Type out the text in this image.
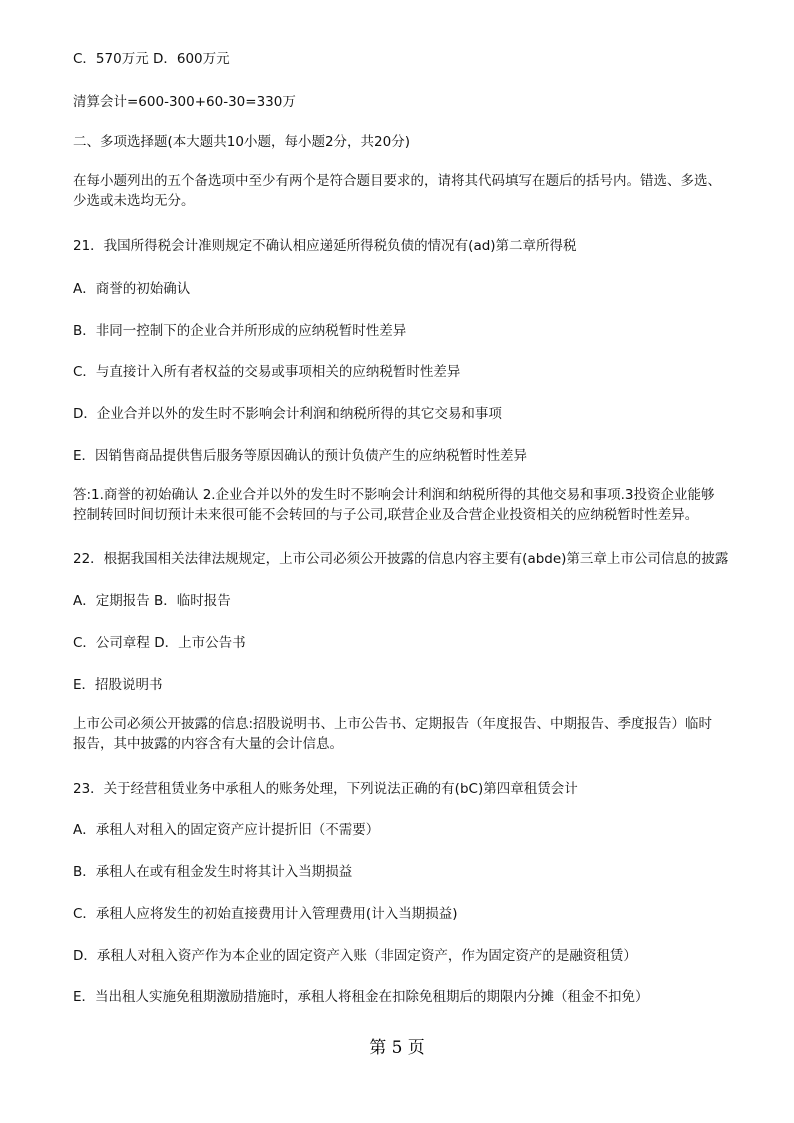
C．570万元 D．600万元
清算会计=600-300+60-30=330万
二、多项选择题(本大题共10小题，每小题2分，共20分)
在每小题列出的五个备选项中至少有两个是符合题目要求的，请将其代码填写在题后的括号内。错选、多选、少选或未选均无分。
21．我国所得税会计准则规定不确认相应递延所得税负债的情况有(ad)第二章所得税
A．商誉的初始确认
B．非同一控制下的企业合并所形成的应纳税暂时性差异
C．与直接计入所有者权益的交易或事项相关的应纳税暂时性差异
D．企业合并以外的发生时不影响会计利润和纳税所得的其它交易和事项
E．因销售商品提供售后服务等原因确认的预计负债产生的应纳税暂时性差异
答:1.商誉的初始确认 2.企业合并以外的发生时不影响会计利润和纳税所得的其他交易和事项.3投资企业能够控制转回时间切预计未来很可能不会转回的与子公司,联营企业及合营企业投资相关的应纳税暂时性差异。
22．根据我国相关法律法规规定，上市公司必须公开披露的信息内容主要有(abde)第三章上市公司信息的披露
A．定期报告 B．临时报告
C．公司章程 D．上市公告书
E．招股说明书
上市公司必须公开披露的信息:招股说明书、上市公告书、定期报告（年度报告、中期报告、季度报告）临时报告，其中披露的内容含有大量的会计信息。
23．关于经营租赁业务中承租人的账务处理，下列说法正确的有(bC)第四章租赁会计
A．承租人对租入的固定资产应计提折旧（不需要）
B．承租人在或有租金发生时将其计入当期损益
C．承租人应将发生的初始直接费用计入管理费用(计入当期损益)
D．承租人对租入资产作为本企业的固定资产入账（非固定资产，作为固定资产的是融资租赁）
E．当出租人实施免租期激励措施时，承租人将租金在扣除免租期后的期限内分摊（租金不扣免）
第 5 页
